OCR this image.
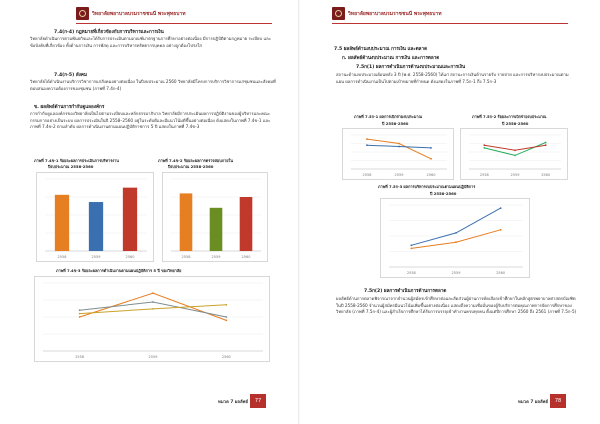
วิทยาลัยพยาบาลบรมราชชนนี พระพุทธบาท
7.4(ก-4) กฎหมายที่เกี่ยวข้องกับการบริหารและการเงิน
วิทยาลัยดำเนินการตามพันธกิจและได้รับการประเมินตามเกณฑ์มาตรฐานการศึกษาอย่างต่อเนื่อง มีการปฏิบัติตามกฎหมาย ระเบียบ และข้อบังคับที่เกี่ยวข้อง ทั้งด้านการเงิน การพัสดุ และการบริหารทรัพยากรบุคคล อย่างถูกต้องโปร่งใส
7.4(ก-5) สังคม
วิทยาลัยได้ดำเนินงานบริการวิชาการแก่สังคมอย่างต่อเนื่อง ในปีงบประมาณ 2560 วิทยาลัยมีโครงการบริการวิชาการแก่ชุมชนและสังคมที่ตอบสนองความต้องการของชุมชน (ภาพที่ 7.4ก-4)
ข. ผลลัพธ์ด้านการกำกับดูแลองค์กร
การกำกับดูแลองค์กรของวิทยาลัยเป็นไปตามระเบียบและหลักธรรมาภิบาล วิทยาลัยมีการประเมินผลการปฏิบัติงานของผู้บริหารและคณะกรรมการอย่างเป็นระบบ ผลการประเมินในปี 2558–2560 อยู่ในระดับดีและมีแนวโน้มดีขึ้นอย่างต่อเนื่อง ดังแสดงในภาพที่ 7.4ข-1 และภาพที่ 7.4ข-2 ตามลำดับ ผลการดำเนินงานตามแผนปฏิบัติราชการ 5 ปี แสดงในภาพที่ 7.4ข-3
ภาพที่ 7.4ข-1 ร้อยละผลการประเมินการบริหารงาน
ปีงบประมาณ 2558-2560
ภาพที่ 7.4ข-2 ร้อยละผลการตรวจสอบภายใน
ปีงบประมาณ 2558-2560
2558	2559	2560	2558	2559	2560
ภาพที่ 7.4ข-3 ร้อยละผลการดำเนินงานตามแผนปฏิบัติการ 5 ปี ของวิทยาลัย
2558	2559	2560
หมวด 7 ผลลัพธ์	77
วิทยาลัยพยาบาลบรมราชชนนี พระพุทธบาท
7.5 ผลลัพธ์ด้านงบประมาณ การเงิน และตลาด
ก. ผลลัพธ์ด้านงบประมาณ การเงิน และการตลาด
7.5ก(1) ผลการดำเนินการด้านงบประมาณและการเงิน
สถานะด้านงบประมาณย้อนหลัง 3 ปี (พ.ศ. 2558-2560) ได้แก่ สถานะการเงินด้านรายรับ รายจ่าย และการบริหารงบประมาณตามแผน ผลการดำเนินงานเป็นไปตามเป้าหมายที่กำหนด ดังแสดงในภาพที่ 7.5ก-1 ถึง 7.5ก-3
ภาพที่ 7.5ก-1 ผลการเบิกจ่ายงบประมาณ
ปี 2558-2560
ภาพที่ 7.5ก-2 ร้อยละการเบิกจ่ายงบประมาณ
ปี 2558-2560
2558	2559	2560	2558	2559	2560
ภาพที่ 7.5ก-3 ผลการบริหารงบประมาณตามแผนปฏิบัติการ
ปี 2558-2560
2558	2559	2560
7.5ก(2) ผลการดำเนินการด้านการตลาด
ผลลัพธ์ด้านการตลาดพิจารณาจากจำนวนผู้สมัครเข้าศึกษาต่อและสัดส่วนผู้ผ่านการคัดเลือกเข้าศึกษาในหลักสูตรพยาบาลศาสตรบัณฑิต ในปี 2558-2560 จำนวนผู้สมัครมีแนวโน้มเพิ่มขึ้นอย่างต่อเนื่อง แสดงถึงความเชื่อมั่นของผู้รับบริการต่อคุณภาพการจัดการศึกษาของวิทยาลัย (ภาพที่ 7.5ก-4) และผู้สำเร็จการศึกษาได้รับการบรรจุเข้าทำงานครบทุกคน ตั้งแต่ปีการศึกษา 2560 ถึง 2561 (ภาพที่ 7.5ก-5)
หมวด 7 ผลลัพธ์	78
